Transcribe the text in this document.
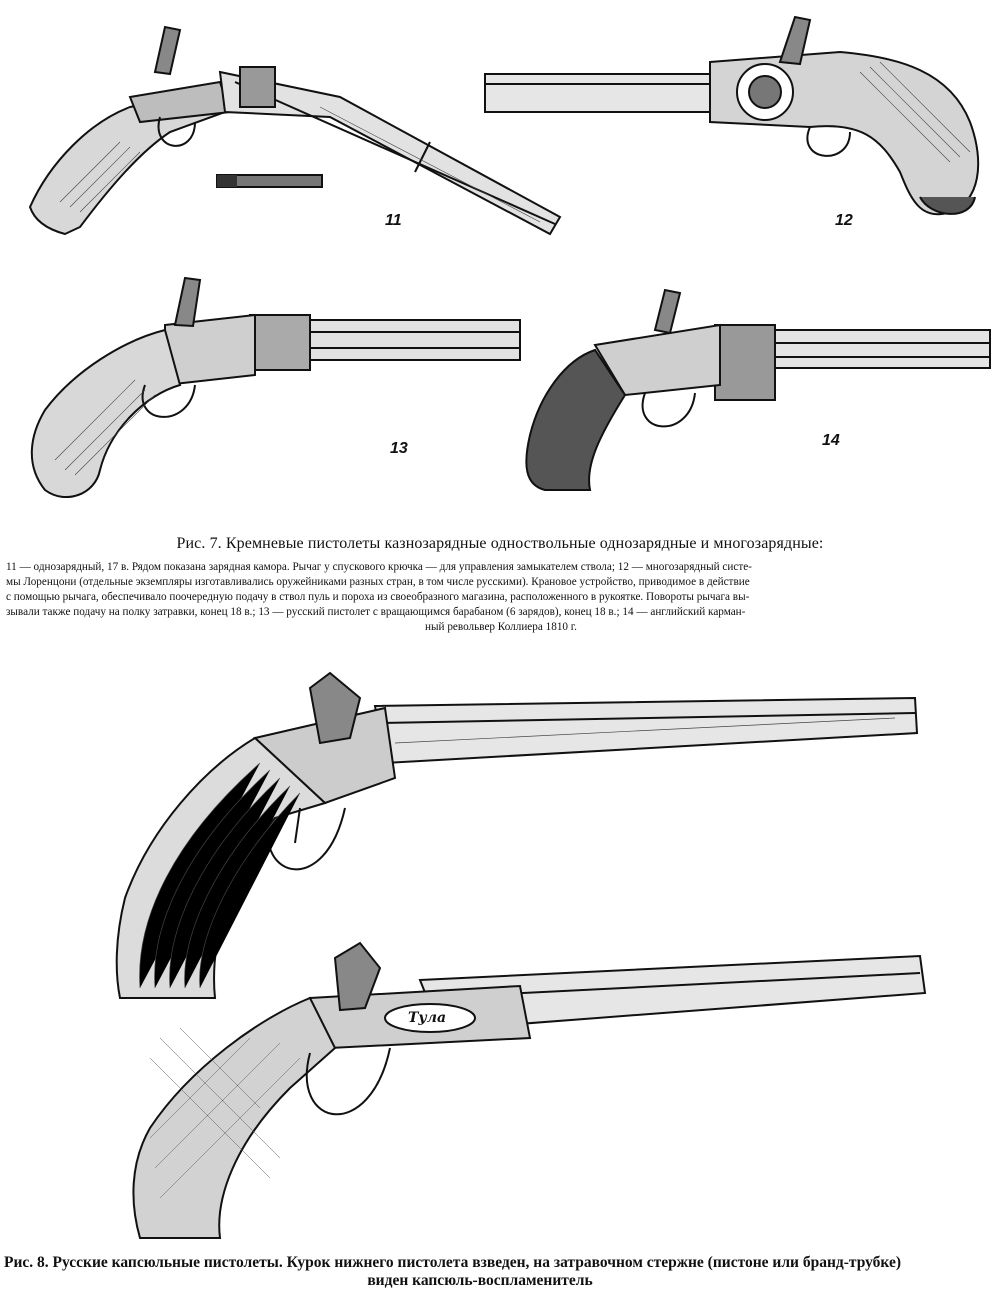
11	12
13	14
Рис. 7. Кремневые пистолеты казнозарядные одноствольные однозарядные и многозарядные:
11 — однозарядный, 17 в. Рядом показана зарядная камора. Рычаг у спускового крючка — для управления замыкателем ствола; 12 — многозарядный систе-
мы Лоренцони (отдельные экземпляры изготавливались оружейниками разных стран, в том числе русскими). Крановое устройство, приводимое в действие
с помощью рычага, обеспечивало поочередную подачу в ствол пуль и пороха из своеобразного магазина, расположенного в рукоятке. Повороты рычага вы-
зывали также подачу на полку затравки, конец 18 в.; 13 — русский пистолет с вращающимся барабаном (6 зарядов), конец 18 в.; 14 — английский карман-
ный револьвер Коллиера 1810 г.
Тула
Рис. 8. Русские капсюльные пистолеты. Курок нижнего пистолета взведен, на затравочном стержне (пистоне или бранд-трубке)
виден капсюль-воспламенитель
